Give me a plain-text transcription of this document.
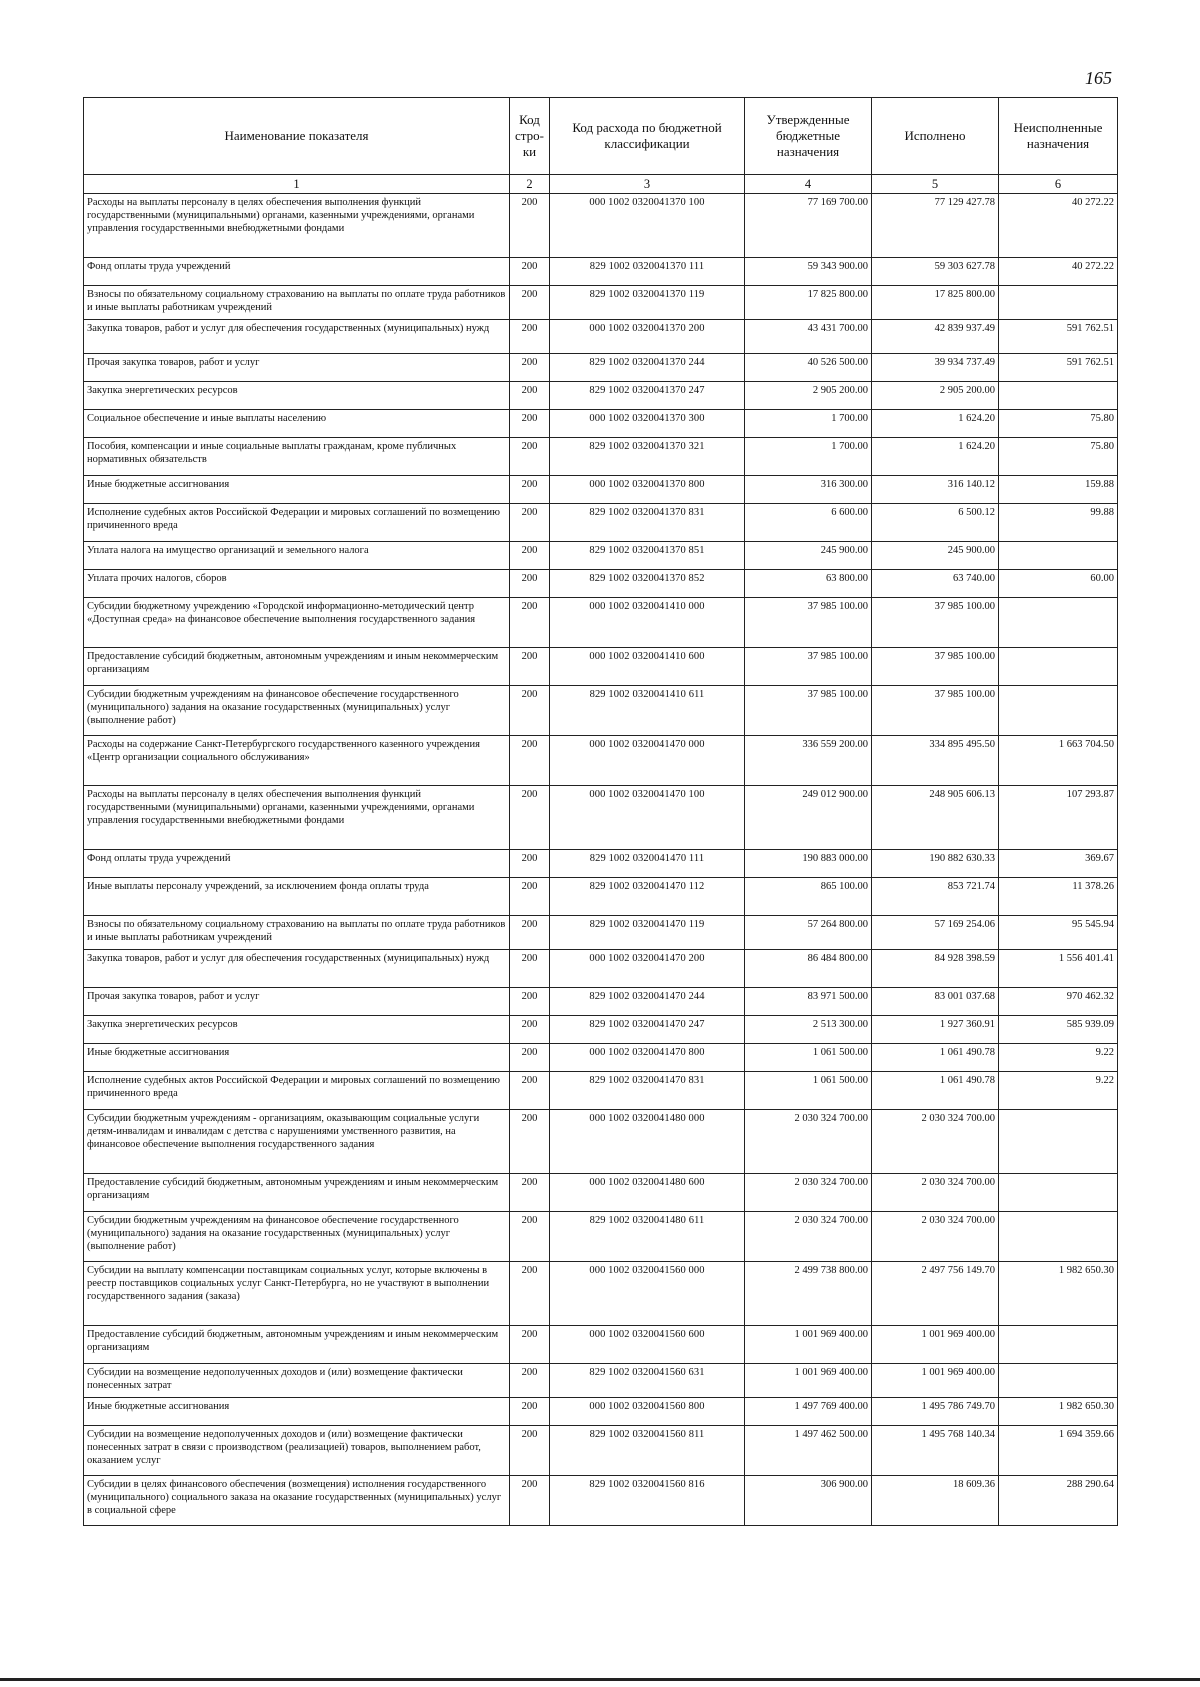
165
Наименование показателя	Код стро-ки	Код расхода по бюджетной классификации	Утвержденные бюджетные назначения	Исполнено	Неисполненные назначения
1	2	3	4	5	6
Расходы на выплаты персоналу в целях обеспечения выполнения функций государственными (муниципальными) органами, казенными учреждениями, органами управления государственными внебюджетными фондами	200	000 1002 0320041370 100	77 169 700.00	77 129 427.78	40 272.22
Фонд оплаты труда учреждений	200	829 1002 0320041370 111	59 343 900.00	59 303 627.78	40 272.22
Взносы по обязательному социальному страхованию на выплаты по оплате труда работников и иные выплаты работникам учреждений	200	829 1002 0320041370 119	17 825 800.00	17 825 800.00	
Закупка товаров, работ и услуг для обеспечения государственных (муниципальных) нужд	200	000 1002 0320041370 200	43 431 700.00	42 839 937.49	591 762.51
Прочая закупка товаров, работ и услуг	200	829 1002 0320041370 244	40 526 500.00	39 934 737.49	591 762.51
Закупка энергетических ресурсов	200	829 1002 0320041370 247	2 905 200.00	2 905 200.00	
Социальное обеспечение и иные выплаты населению	200	000 1002 0320041370 300	1 700.00	1 624.20	75.80
Пособия, компенсации и иные социальные выплаты гражданам, кроме публичных нормативных обязательств	200	829 1002 0320041370 321	1 700.00	1 624.20	75.80
Иные бюджетные ассигнования	200	000 1002 0320041370 800	316 300.00	316 140.12	159.88
Исполнение судебных актов Российской Федерации и мировых соглашений по возмещению причиненного вреда	200	829 1002 0320041370 831	6 600.00	6 500.12	99.88
Уплата налога на имущество организаций и земельного налога	200	829 1002 0320041370 851	245 900.00	245 900.00	
Уплата прочих налогов, сборов	200	829 1002 0320041370 852	63 800.00	63 740.00	60.00
Субсидии бюджетному учреждению «Городской информационно-методический центр «Доступная среда» на финансовое обеспечение выполнения государственного задания	200	000 1002 0320041410 000	37 985 100.00	37 985 100.00	
Предоставление субсидий бюджетным, автономным учреждениям и иным некоммерческим организациям	200	000 1002 0320041410 600	37 985 100.00	37 985 100.00	
Субсидии бюджетным учреждениям на финансовое обеспечение государственного (муниципального) задания на оказание государственных (муниципальных) услуг (выполнение работ)	200	829 1002 0320041410 611	37 985 100.00	37 985 100.00	
Расходы на содержание Санкт-Петербургского государственного казенного учреждения «Центр организации социального обслуживания»	200	000 1002 0320041470 000	336 559 200.00	334 895 495.50	1 663 704.50
Расходы на выплаты персоналу в целях обеспечения выполнения функций государственными (муниципальными) органами, казенными учреждениями, органами управления государственными внебюджетными фондами	200	000 1002 0320041470 100	249 012 900.00	248 905 606.13	107 293.87
Фонд оплаты труда учреждений	200	829 1002 0320041470 111	190 883 000.00	190 882 630.33	369.67
Иные выплаты персоналу учреждений, за исключением фонда оплаты труда	200	829 1002 0320041470 112	865 100.00	853 721.74	11 378.26
Взносы по обязательному социальному страхованию на выплаты по оплате труда работников и иные выплаты работникам учреждений	200	829 1002 0320041470 119	57 264 800.00	57 169 254.06	95 545.94
Закупка товаров, работ и услуг для обеспечения государственных (муниципальных) нужд	200	000 1002 0320041470 200	86 484 800.00	84 928 398.59	1 556 401.41
Прочая закупка товаров, работ и услуг	200	829 1002 0320041470 244	83 971 500.00	83 001 037.68	970 462.32
Закупка энергетических ресурсов	200	829 1002 0320041470 247	2 513 300.00	1 927 360.91	585 939.09
Иные бюджетные ассигнования	200	000 1002 0320041470 800	1 061 500.00	1 061 490.78	9.22
Исполнение судебных актов Российской Федерации и мировых соглашений по возмещению причиненного вреда	200	829 1002 0320041470 831	1 061 500.00	1 061 490.78	9.22
Субсидии бюджетным учреждениям - организациям, оказывающим социальные услуги детям-инвалидам и инвалидам с детства с нарушениями умственного развития, на финансовое обеспечение выполнения государственного задания	200	000 1002 0320041480 000	2 030 324 700.00	2 030 324 700.00	
Предоставление субсидий бюджетным, автономным учреждениям и иным некоммерческим организациям	200	000 1002 0320041480 600	2 030 324 700.00	2 030 324 700.00	
Субсидии бюджетным учреждениям на финансовое обеспечение государственного (муниципального) задания на оказание государственных (муниципальных) услуг (выполнение работ)	200	829 1002 0320041480 611	2 030 324 700.00	2 030 324 700.00	
Субсидии на выплату компенсации поставщикам социальных услуг, которые включены в реестр поставщиков социальных услуг Санкт-Петербурга, но не участвуют в выполнении государственного задания (заказа)	200	000 1002 0320041560 000	2 499 738 800.00	2 497 756 149.70	1 982 650.30
Предоставление субсидий бюджетным, автономным учреждениям и иным некоммерческим организациям	200	000 1002 0320041560 600	1 001 969 400.00	1 001 969 400.00	
Субсидии на возмещение недополученных доходов и (или) возмещение фактически понесенных затрат	200	829 1002 0320041560 631	1 001 969 400.00	1 001 969 400.00	
Иные бюджетные ассигнования	200	000 1002 0320041560 800	1 497 769 400.00	1 495 786 749.70	1 982 650.30
Субсидии на возмещение недополученных доходов и (или) возмещение фактически понесенных затрат в связи с производством (реализацией) товаров, выполнением работ, оказанием услуг	200	829 1002 0320041560 811	1 497 462 500.00	1 495 768 140.34	1 694 359.66
Субсидии в целях финансового обеспечения (возмещения) исполнения государственного (муниципального) социального заказа на оказание государственных (муниципальных) услуг в социальной сфере	200	829 1002 0320041560 816	306 900.00	18 609.36	288 290.64
